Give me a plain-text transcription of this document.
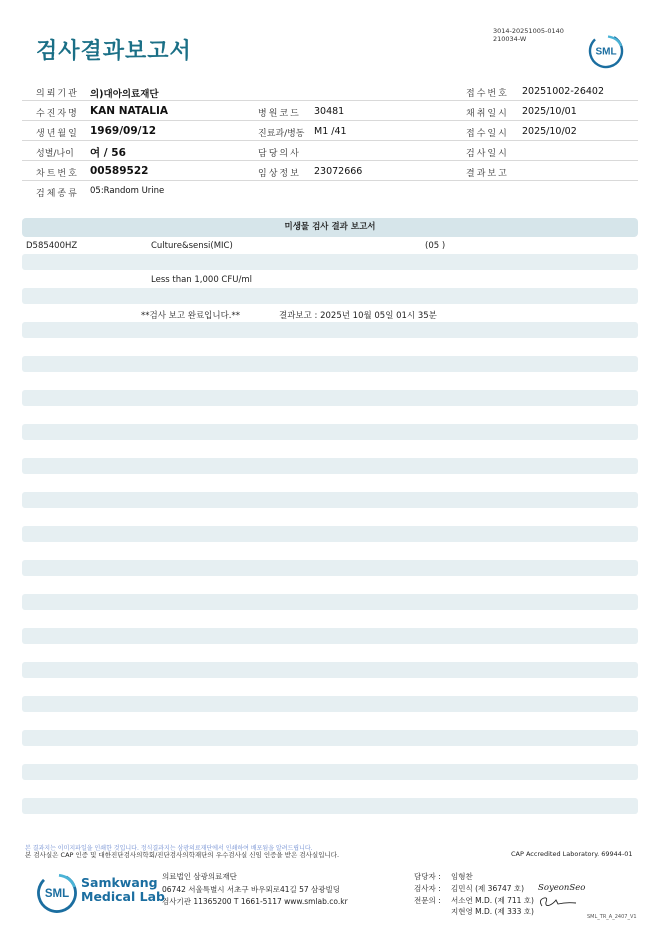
검사결과보고서
3014-20251005-0140
210034-W
SML
의뢰기관 의)대아의료재단	접수번호 20251002-26402
수진자명 KAN NATALIA	병원코드 30481	채취일시 2025/10/01
생년월일 1969/09/12	진료과/병동 M1 /41	접수일시 2025/10/02
성별/나이 여 / 56	담당의사	검사일시
차트번호 00589522	임상정보 23072666	결과보고
검체종류 05:Random Urine
미생물 검사 결과 보고서
D585400HZ	Culture&sensi(MIC)	(05 )
Less than 1,000 CFU/ml
**검사 보고 완료입니다.**	결과보고 : 2025년 10월 05일 01시 35분
본 결과지는 이미지파일을 인쇄한 것입니다. 정식결과지는 삼광의료재단에서 인쇄하여 배포됨을 알려드립니다.
본 검사실은 CAP 인증 및 대한진단검사의학회/진단검사의학재단의 우수검사실 신임 인증을 받은 검사실입니다.	CAP Accredited Laboratory. 69944-01
SML
Samkwang
Medical Lab
의료법인 삼광의료재단
06742 서울특별시 서초구 바우뫼로41길 57 삼광빌딩
검사기관 11365200 T 1661-5117 www.smlab.co.kr
담당자 : 임형찬
검사자 : 김민식 (제 36747 호)
전문의 : 서소연 M.D. (제 711 호)
지현영 M.D. (제 333 호)
SoyeonSeo
SML_TR_A_2407_V1
